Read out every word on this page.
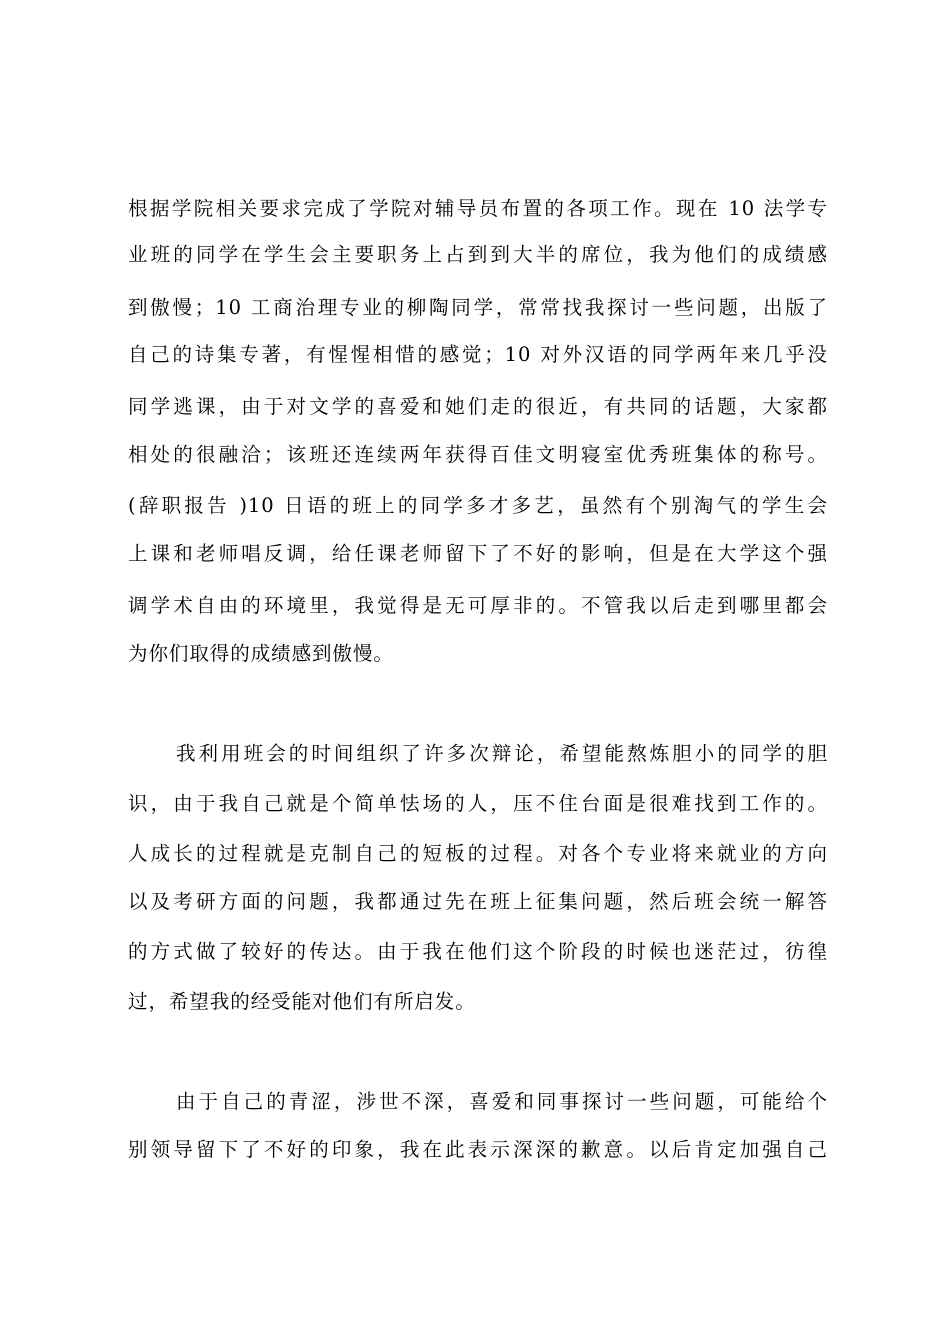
根据学院相关要求完成了学院对辅导员布置的各项工作。现在 10 法学专
业班的同学在学生会主要职务上占到到大半的席位，我为他们的成绩感
到傲慢；10 工商治理专业的柳陶同学，常常找我探讨一些问题，出版了
自己的诗集专著，有惺惺相惜的感觉；10 对外汉语的同学两年来几乎没
同学逃课，由于对文学的喜爱和她们走的很近，有共同的话题，大家都
相处的很融洽；该班还连续两年获得百佳文明寝室优秀班集体的称号。
(辞职报告 )10 日语的班上的同学多才多艺，虽然有个别淘气的学生会
上课和老师唱反调，给任课老师留下了不好的影响，但是在大学这个强
调学术自由的环境里，我觉得是无可厚非的。不管我以后走到哪里都会
为你们取得的成绩感到傲慢。
我利用班会的时间组织了许多次辩论，希望能熬炼胆小的同学的胆
识，由于我自己就是个简单怯场的人，压不住台面是很难找到工作的。
人成长的过程就是克制自己的短板的过程。对各个专业将来就业的方向
以及考研方面的问题，我都通过先在班上征集问题，然后班会统一解答
的方式做了较好的传达。由于我在他们这个阶段的时候也迷茫过，彷徨
过，希望我的经受能对他们有所启发。
由于自己的青涩，涉世不深，喜爱和同事探讨一些问题，可能给个
别领导留下了不好的印象，我在此表示深深的歉意。以后肯定加强自己
